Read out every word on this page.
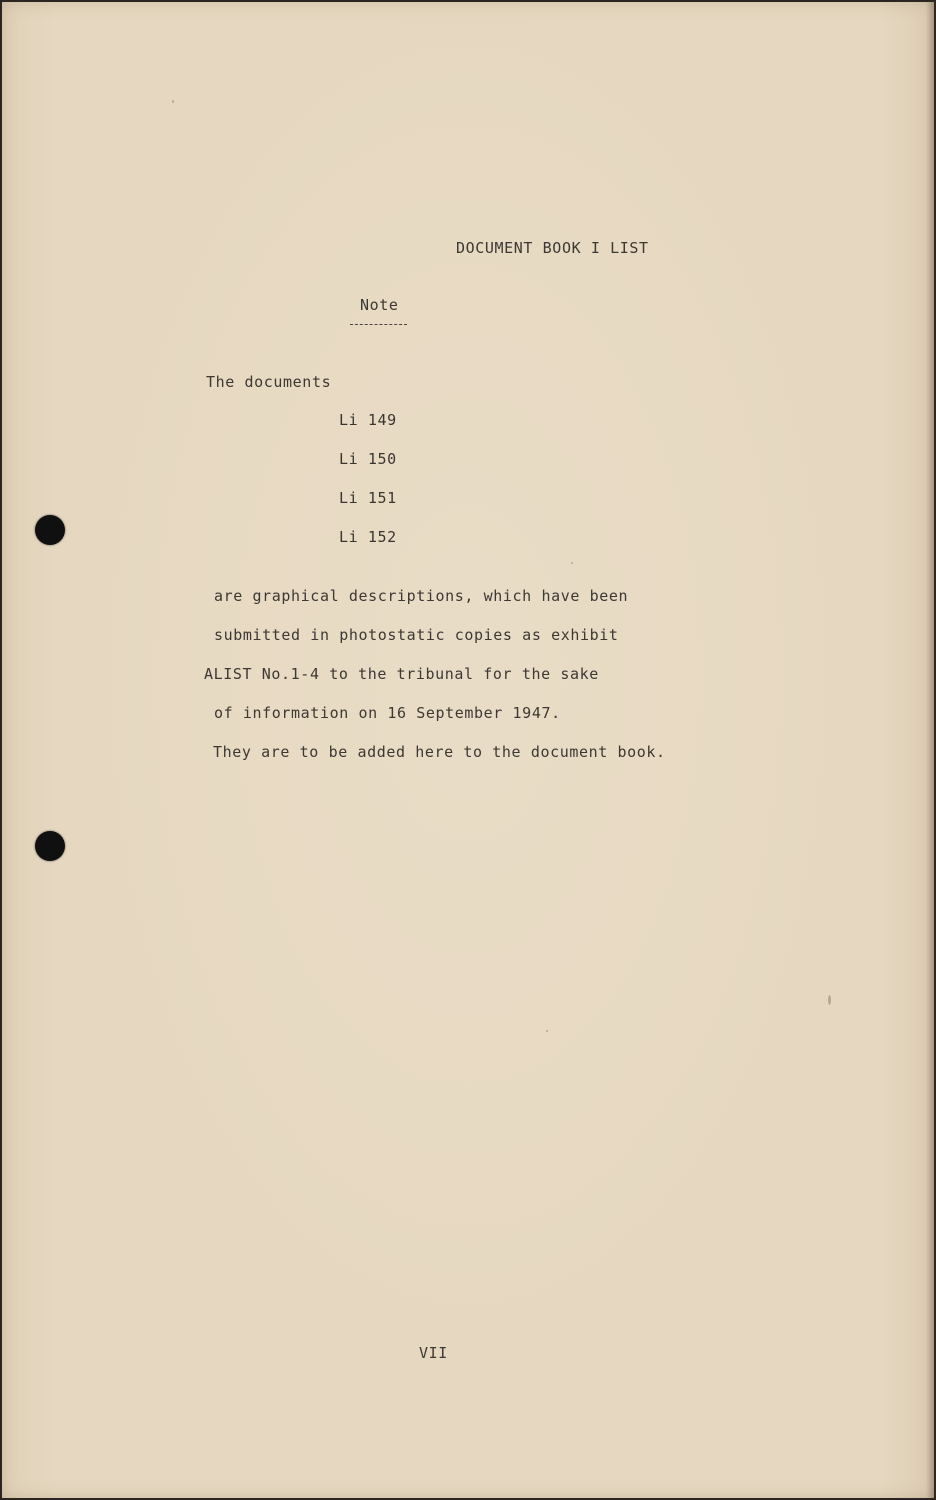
DOCUMENT BOOK I LIST
Note
The documents
Li 149
Li 150
Li 151
Li 152
are graphical descriptions, which have been
submitted in photostatic copies as exhibit
ALIST No.1-4 to the tribunal for the sake
of information on 16 September 1947.
They are to be added here to the document book.
VII
